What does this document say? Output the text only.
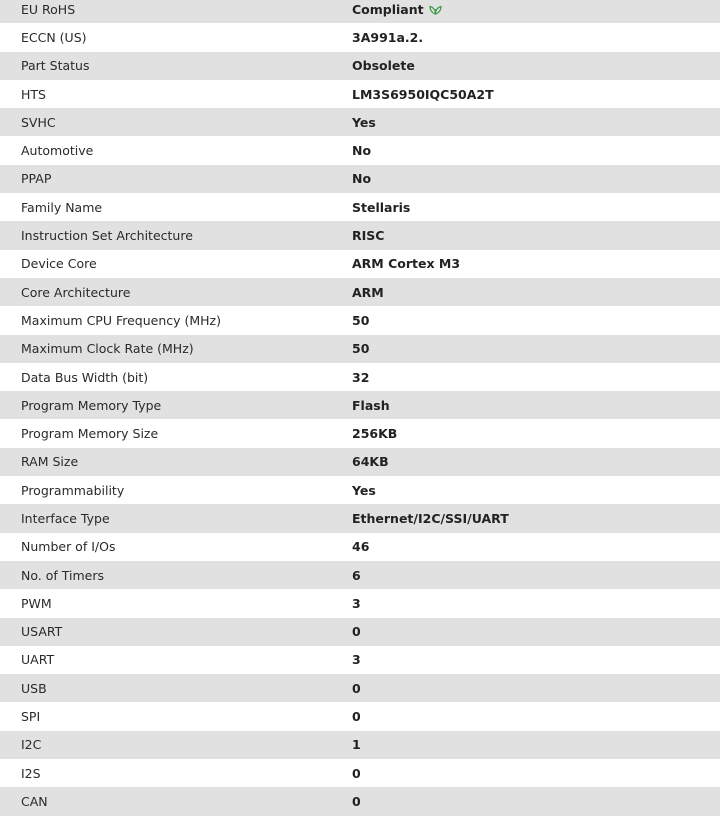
EU RoHS	Compliant
ECCN (US)	3A991a.2.
Part Status	Obsolete
HTS	LM3S6950IQC50A2T
SVHC	Yes
Automotive	No
PPAP	No
Family Name	Stellaris
Instruction Set Architecture	RISC
Device Core	ARM Cortex M3
Core Architecture	ARM
Maximum CPU Frequency (MHz)	50
Maximum Clock Rate (MHz)	50
Data Bus Width (bit)	32
Program Memory Type	Flash
Program Memory Size	256KB
RAM Size	64KB
Programmability	Yes
Interface Type	Ethernet/I2C/SSI/UART
Number of I/Os	46
No. of Timers	6
PWM	3
USART	0
UART	3
USB	0
SPI	0
I2C	1
I2S	0
CAN	0
